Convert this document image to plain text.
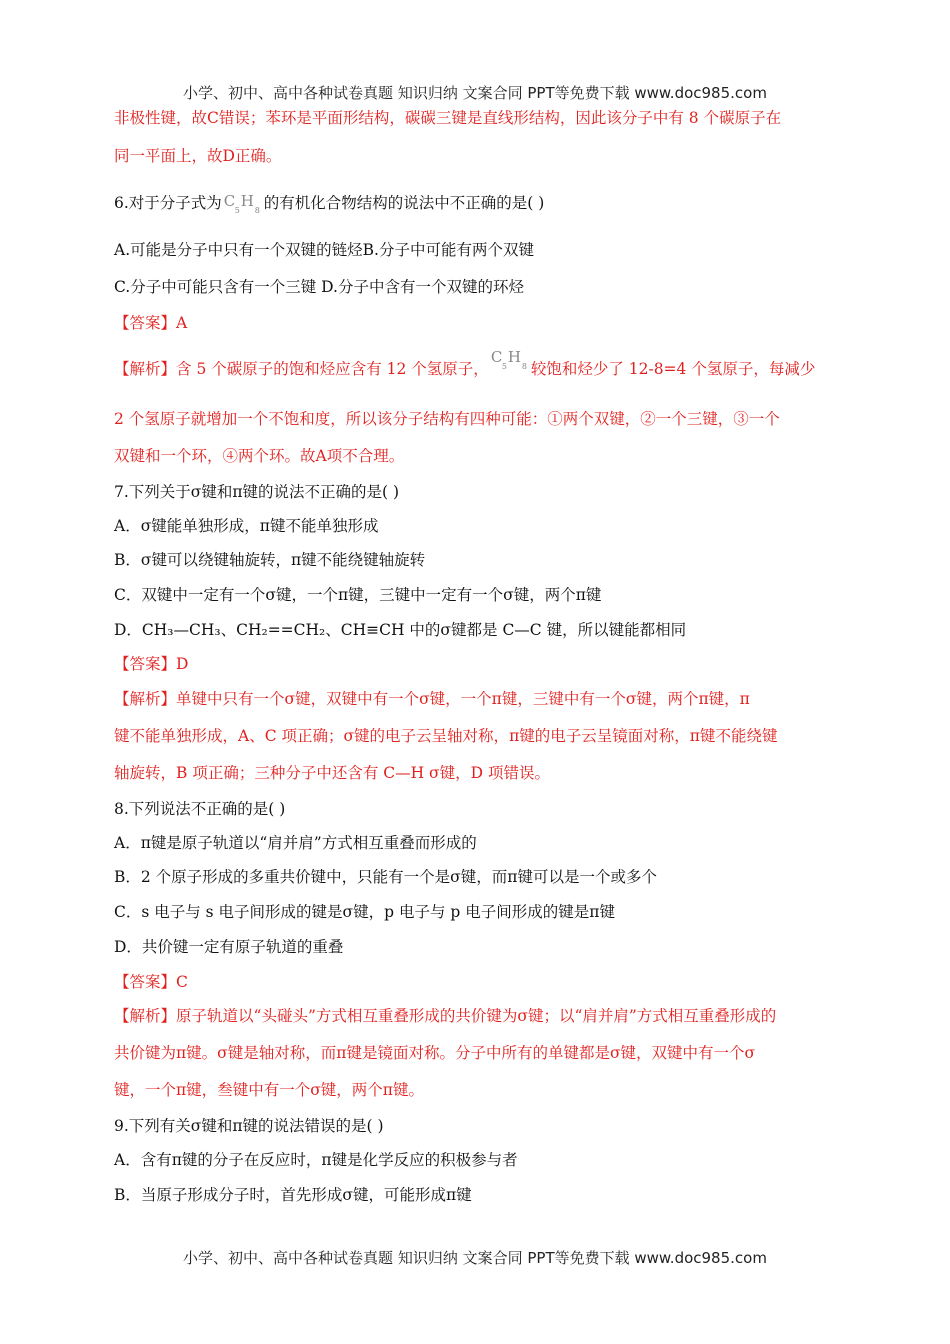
小学、初中、高中各种试卷真题 知识归纳 文案合同 PPT等免费下载 www.doc985.com
非极性键，故C错误；苯环是平面形结构，碳碳三键是直线形结构，因此该分子中有 8 个碳原子在
同一平面上，故D正确。
6.对于分子式为 C
5
H
8 的有机化合物结构的说法中不正确的是( )
A.可能是分子中只有一个双键的链烃B.分子中可能有两个双键
C.分子中可能只含有一个三键 D.分子中含有一个双键的环烃
【答案】A
【解析】含 5 个碳原子的饱和烃应含有 12 个氢原子，
C
5
H
8 较饱和烃少了 12-8=4 个氢原子，每减少
2 个氢原子就增加一个不饱和度，所以该分子结构有四种可能：①两个双键，②一个三键，③一个
双键和一个环，④两个环。故A项不合理。
7.下列关于σ键和π键的说法不正确的是( )
A．σ键能单独形成，π键不能单独形成
B．σ键可以绕键轴旋转，π键不能绕键轴旋转
C．双键中一定有一个σ键，一个π键，三键中一定有一个σ键，两个π键
D．CH₃—CH₃、CH₂==CH₂、CH≡CH 中的σ键都是 C—C 键，所以键能都相同
【答案】D
【解析】单键中只有一个σ键，双键中有一个σ键，一个π键，三键中有一个σ键，两个π键，π
键不能单独形成，A、C 项正确；σ键的电子云呈轴对称，π键的电子云呈镜面对称，π键不能绕键
轴旋转，B 项正确；三种分子中还含有 C—H σ键，D 项错误。
8.下列说法不正确的是( )
A．π键是原子轨道以“肩并肩”方式相互重叠而形成的
B．2 个原子形成的多重共价键中，只能有一个是σ键，而π键可以是一个或多个
C．s 电子与 s 电子间形成的键是σ键，p 电子与 p 电子间形成的键是π键
D．共价键一定有原子轨道的重叠
【答案】C
【解析】原子轨道以“头碰头”方式相互重叠形成的共价键为σ键；以“肩并肩”方式相互重叠形成的
共价键为π键。σ键是轴对称，而π键是镜面对称。分子中所有的单键都是σ键，双键中有一个σ
键，一个π键，叁键中有一个σ键，两个π键。
9.下列有关σ键和π键的说法错误的是( )
A．含有π键的分子在反应时，π键是化学反应的积极参与者
B．当原子形成分子时，首先形成σ键，可能形成π键
小学、初中、高中各种试卷真题 知识归纳 文案合同 PPT等免费下载 www.doc985.com
